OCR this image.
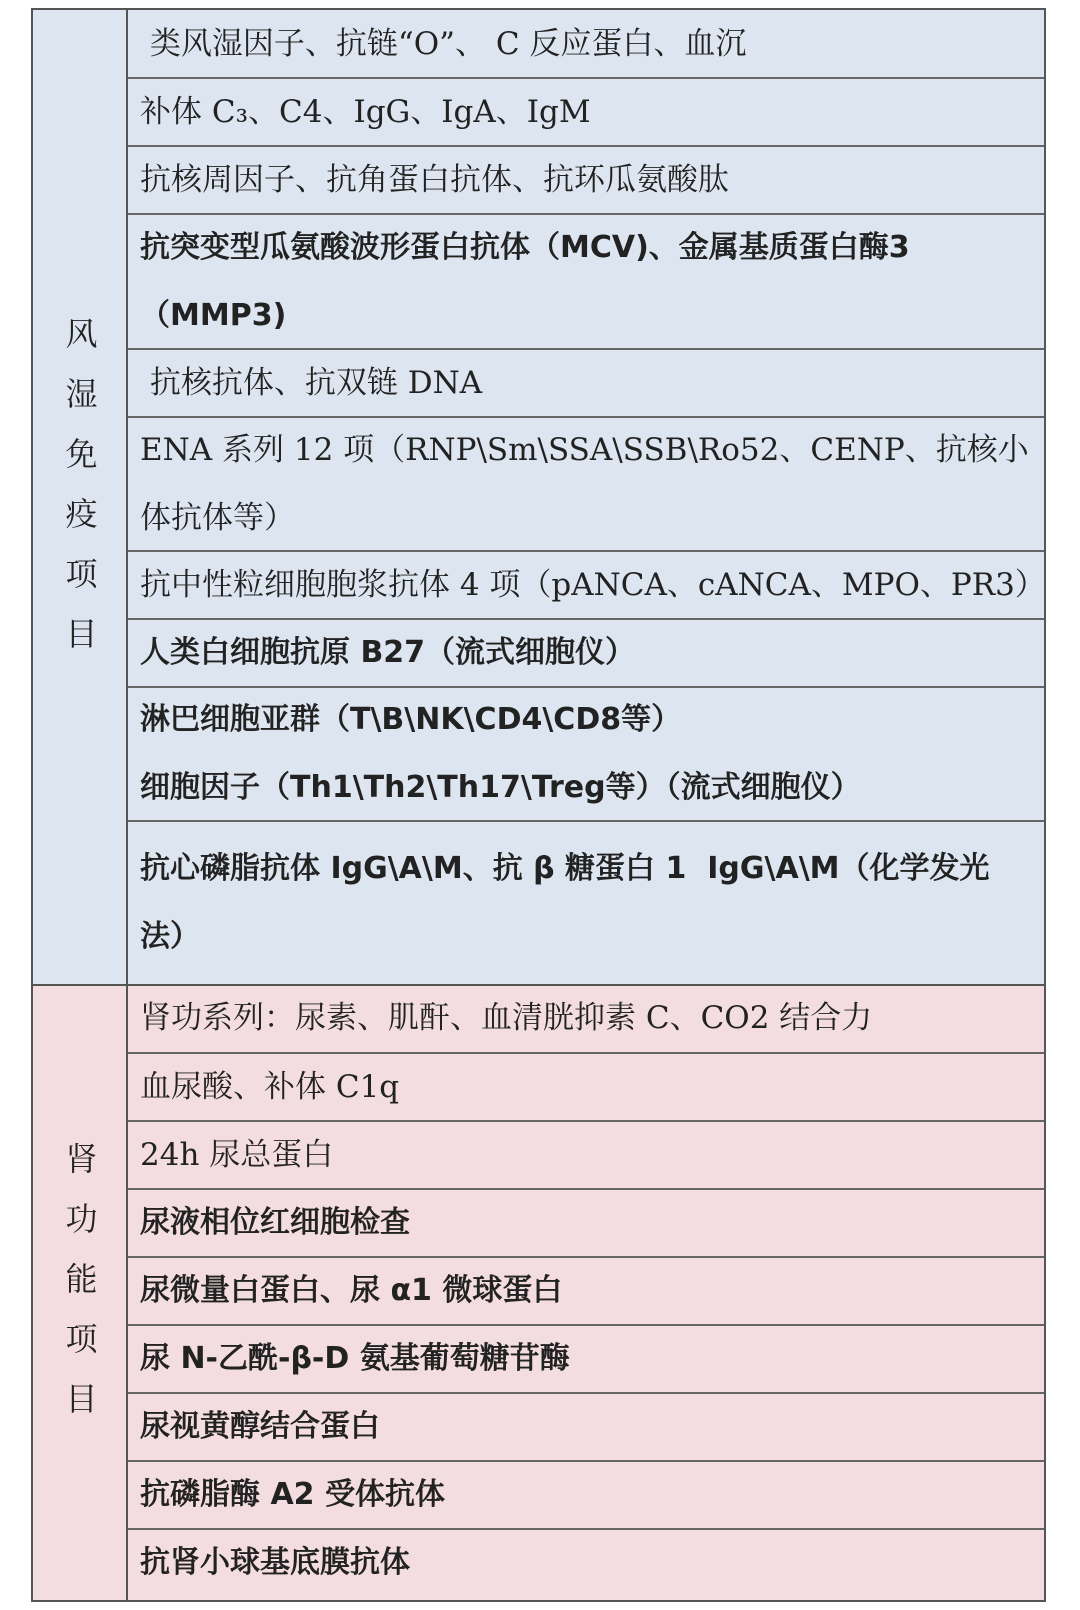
风湿免疫项目
类风湿因子、抗链“O”、 C 反应蛋白、血沉
补体 C₃、C4、IgG、IgA、IgM
抗核周因子、抗角蛋白抗体、抗环瓜氨酸肽
抗突变型瓜氨酸波形蛋白抗体（MCV)、金属基质蛋白酶3（MMP3)
抗核抗体、抗双链 DNA
ENA 系列 12 项（RNP\Sm\SSA\SSB\Ro52、CENP、抗核小体抗体等）
抗中性粒细胞胞浆抗体 4 项（pANCA、cANCA、MPO、PR3）
人类白细胞抗原 B27（流式细胞仪）
淋巴细胞亚群（T\B\NK\CD4\CD8等）
细胞因子（Th1\Th2\Th17\Treg等）（流式细胞仪）
抗心磷脂抗体 IgG\A\M、抗 β 糖蛋白 1  IgG\A\M（化学发光法）
肾功能项目
肾功系列：尿素、肌酐、血清胱抑素 C、CO2 结合力
血尿酸、补体 C1q
24h 尿总蛋白
尿液相位红细胞检查
尿微量白蛋白、尿 α1 微球蛋白
尿 N-乙酰-β-D 氨基葡萄糖苷酶
尿视黄醇结合蛋白
抗磷脂酶 A2 受体抗体
抗肾小球基底膜抗体
